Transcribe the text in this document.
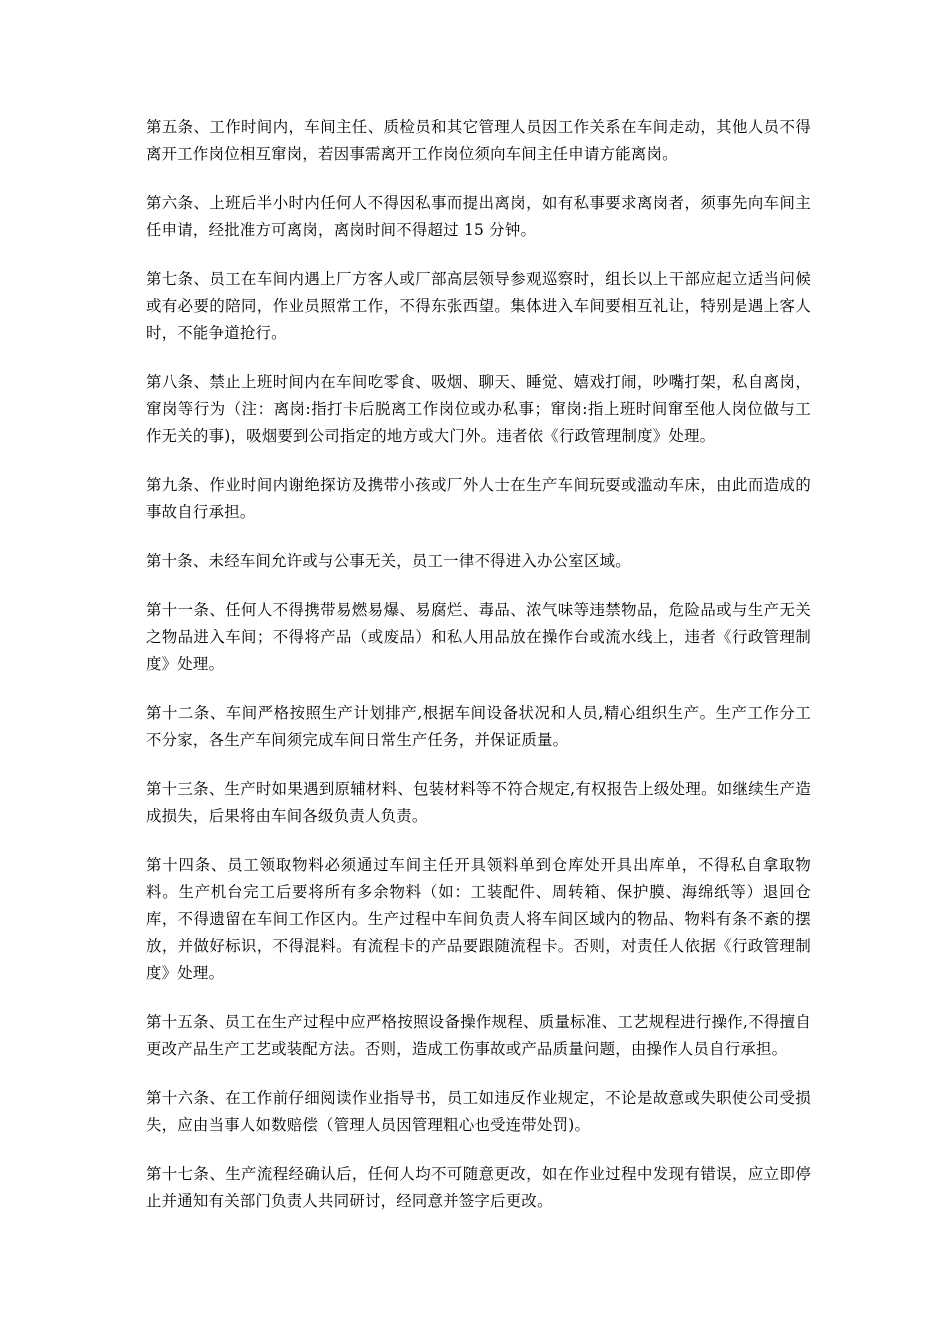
第五条、工作时间内，车间主任、质检员和其它管理人员因工作关系在车间走动，其他人员不得离开工作岗位相互窜岗，若因事需离开工作岗位须向车间主任申请方能离岗。

第六条、上班后半小时内任何人不得因私事而提出离岗，如有私事要求离岗者，须事先向车间主任申请，经批准方可离岗，离岗时间不得超过 15 分钟。

第七条、员工在车间内遇上厂方客人或厂部高层领导参观巡察时，组长以上干部应起立适当问候或有必要的陪同，作业员照常工作，不得东张西望。集体进入车间要相互礼让，特别是遇上客人时，不能争道抢行。

第八条、禁止上班时间内在车间吃零食、吸烟、聊天、睡觉、嬉戏打闹，吵嘴打架，私自离岗，窜岗等行为（注：离岗:指打卡后脱离工作岗位或办私事；窜岗:指上班时间窜至他人岗位做与工作无关的事)，吸烟要到公司指定的地方或大门外。违者依《行政管理制度》处理。

第九条、作业时间内谢绝探访及携带小孩或厂外人士在生产车间玩耍或滥动车床，由此而造成的事故自行承担。

第十条、未经车间允许或与公事无关，员工一律不得进入办公室区域。

第十一条、任何人不得携带易燃易爆、易腐烂、毒品、浓气味等违禁物品，危险品或与生产无关之物品进入车间；不得将产品（或废品）和私人用品放在操作台或流水线上，违者《行政管理制度》处理。

第十二条、车间严格按照生产计划排产,根据车间设备状况和人员,精心组织生产。生产工作分工不分家，各生产车间须完成车间日常生产任务，并保证质量。

第十三条、生产时如果遇到原辅材料、包装材料等不符合规定,有权报告上级处理。如继续生产造成损失，后果将由车间各级负责人负责。

第十四条、员工领取物料必须通过车间主任开具领料单到仓库处开具出库单，不得私自拿取物料。生产机台完工后要将所有多余物料（如：工装配件、周转箱、保护膜、海绵纸等）退回仓库，不得遗留在车间工作区内。生产过程中车间负责人将车间区域内的物品、物料有条不紊的摆放，并做好标识，不得混料。有流程卡的产品要跟随流程卡。否则，对责任人依据《行政管理制度》处理。

第十五条、员工在生产过程中应严格按照设备操作规程、质量标准、工艺规程进行操作,不得擅自更改产品生产工艺或装配方法。否则，造成工伤事故或产品质量问题，由操作人员自行承担。

第十六条、在工作前仔细阅读作业指导书，员工如违反作业规定，不论是故意或失职使公司受损失，应由当事人如数赔偿（管理人员因管理粗心也受连带处罚)。

第十七条、生产流程经确认后，任何人均不可随意更改，如在作业过程中发现有错误，应立即停止并通知有关部门负责人共同研讨，经同意并签字后更改。
